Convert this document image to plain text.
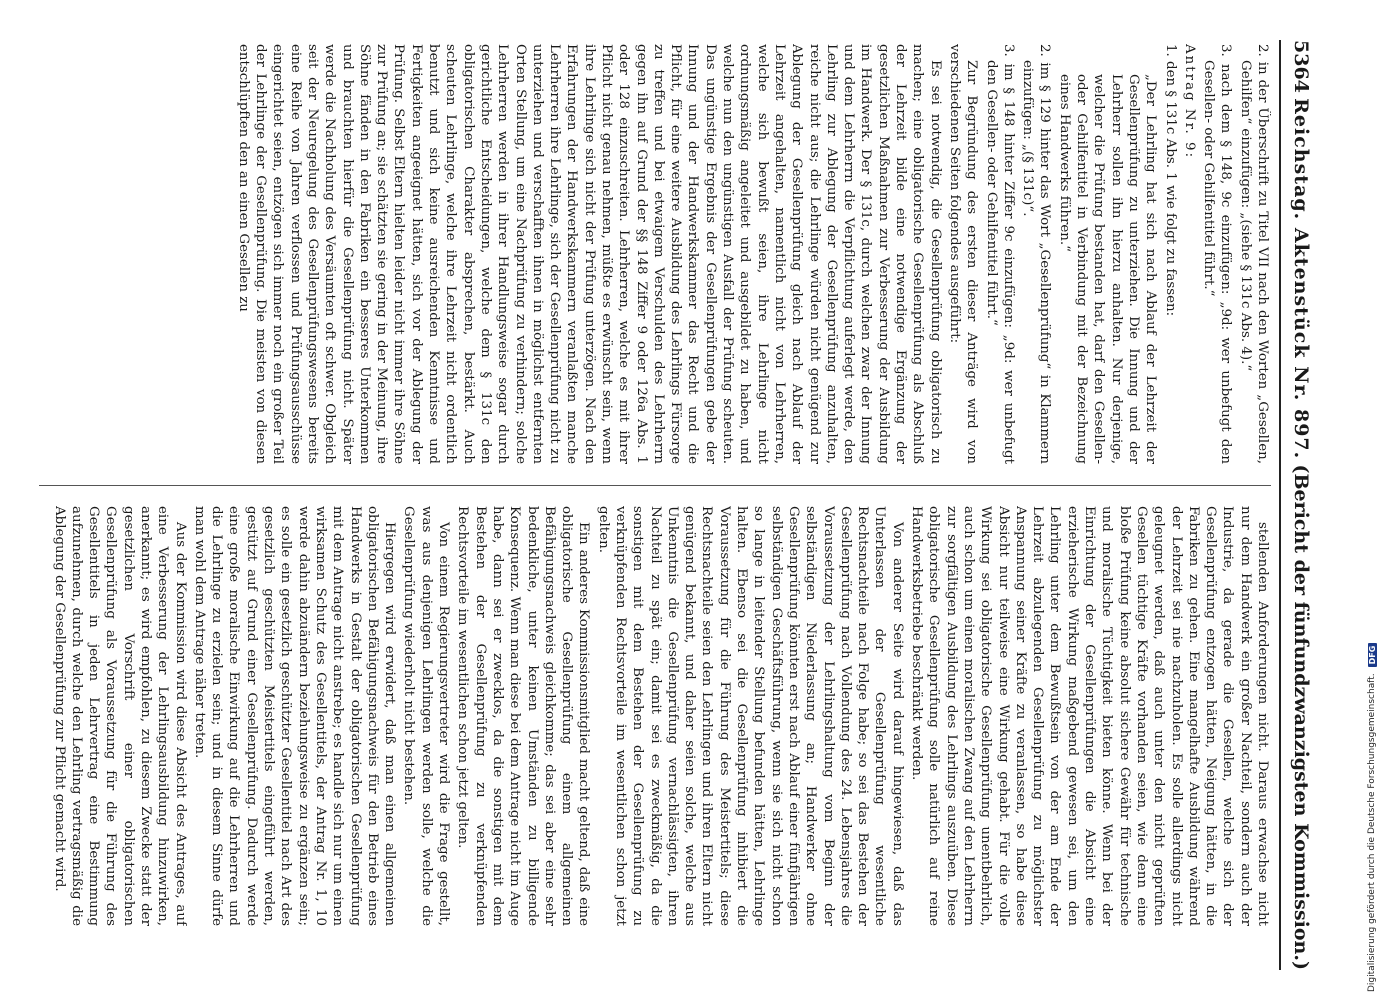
5364
Reichstag. Aktenstück Nr. 897.
(Bericht der fünfundzwanzigsten Kommission.)

2. in der Überschrift zu Titel VII nach den Worten „Gesellen, Gehilfen“ einzufügen: „(siehe § 131c Abs. 4).“

3. nach dem § 148, 9c einzufügen: „9d: wer unbefugt den Gesellen- oder Gehilfentitel führt.“

Antrag Nr. 9:

1. den § 131c Abs. 1 wie folgt zu fassen:

„Der Lehrling hat sich nach Ablauf der Lehrzeit der Gesellenprüfung zu unterziehen. Die Innung und der Lehrherr sollen ihn hierzu anhalten. Nur derjenige, welcher die Prüfung bestanden hat, darf den Gesellen- oder Gehilfentitel in Verbindung mit der Bezeichnung eines Handwerks führen.“

2. im § 129 hinter das Wort „Gesellenprüfung“ in Klammern einzufügen: „(§ 131c)“.

3. im § 148 hinter Ziffer 9c einzufügen: „9d: wer unbefugt den Gesellen- oder Gehilfentitel führt.“

Zur Begründung des ersten dieser Anträge wird von verschiedenen Seiten folgendes ausgeführt:

Es sei notwendig, die Gesellenprüfung obligatorisch zu machen; eine obligatorische Gesellenprüfung als Abschluß der Lehrzeit bilde eine notwendige Ergänzung der gesetzlichen Maßnahmen zur Verbesserung der Ausbildung im Handwerk. Der § 131c, durch welchen zwar der Innung und dem Lehrherrn die Verpflichtung auferlegt werde, den Lehrling zur Ablegung der Gesellenprüfung anzuhalten, reiche nicht aus; die Lehrlinge würden nicht genügend zur Ablegung der Gesellenprüfung gleich nach Ablauf der Lehrzeit angehalten, namentlich nicht von Lehrherren, welche sich bewußt seien, ihre Lehrlinge nicht ordnungsmäßig angeleitet und ausgebildet zu haben, und welche nun den ungünstigen Ausfall der Prüfung scheuten. Das ungünstige Ergebnis der Gesellenprüfungen gebe der Innung und der Handwerkskammer das Recht und die Pflicht, für eine weitere Ausbildung des Lehrlings Fürsorge zu treffen und bei etwaigem Verschulden des Lehrherrn gegen ihn auf Grund der §§ 148 Ziffer 9 oder 126a Abs. 1 oder 128 einzuschreiten. Lehrherren, welche es mit ihrer Pflicht nicht genau nehmen, müßte es erwünscht sein, wenn ihre Lehrlinge sich nicht der Prüfung unterzögen. Nach den Erfahrungen der Handwerkskammern veranlaßten manche Lehrherren ihre Lehrlinge, sich der Gesellenprüfung nicht zu unterziehen und verschafften ihnen in möglichst entfernten Orten Stellung, um eine Nachprüfung zu verhindern; solche Lehrherren werden in ihrer Handlungsweise sogar durch gerichtliche Entscheidungen, welche dem § 131c den obligatorischen Charakter absprechen, bestärkt. Auch scheuten Lehrlinge, welche ihre Lehrzeit nicht ordentlich benutzt und sich keine ausreichenden Kenntnisse und Fertigkeiten angeeignet hätten, sich vor der Ablegung der Prüfung. Selbst Eltern hielten leider nicht immer ihre Söhne zur Prüfung an; sie schätzten sie gering in der Meinung, ihre Söhne fänden in den Fabriken ein besseres Unterkommen und brauchten hierfür die Gesellenprüfung nicht. Später werde die Nachholung des Versäumten oft schwer. Obgleich seit der Neuregelung des Gesellenprüfungswesens bereits eine Reihe von Jahren verflossen und Prüfungsausschüsse eingerichtet seien, entzögen sich immer noch ein großer Teil der Lehrlinge der Gesellenprüfung. Die meisten von diesen entschlüpften den an einen Gesellen zu

stellenden Anforderungen nicht. Daraus erwachse nicht nur dem Handwerk ein großer Nachteil, sondern auch der Industrie, da gerade die Gesellen, welche sich der Gesellenprüfung entzogen hätten, Neigung hätten, in die Fabriken zu gehen. Eine mangelhafte Ausbildung während der Lehrzeit sei nie nachzuholen. Es solle allerdings nicht geleugnet werden, daß auch unter den nicht geprüften Gesellen tüchtige Kräfte vorhanden seien, wie denn eine bloße Prüfung keine absolut sichere Gewähr für technische und moralische Tüchtigkeit bieten könne. Wenn bei der Einrichtung der Gesellenprüfungen die Absicht eine erzieherische Wirkung maßgebend gewesen sei, um den Lehrling unter dem Bewußtsein von der am Ende der Lehrzeit abzulegenden Gesellenprüfung zu möglichster Anspannung seiner Kräfte zu veranlassen, so habe diese Absicht nur teilweise eine Wirkung gehabt. Für die volle Wirkung sei obligatorische Gesellenprüfung unentbehrlich, auch schon um einen moralischen Zwang auf den Lehrherrn zur sorgfältigen Ausbildung des Lehrlings auszuüben. Diese obligatorische Gesellenprüfung solle natürlich auf reine Handwerksbetriebe beschränkt werden.

Von anderer Seite wird darauf hingewiesen, daß das Unterlassen der Gesellenprüfung wesentliche Rechtsnachteile nach Folge habe; so sei das Bestehen der Gesellenprüfung nach Vollendung des 24. Lebensjahres die Voraussetzung der Lehrlingshaltung vom Beginn der selbständigen Niederlassung an; Handwerker ohne Gesellenprüfung könnten erst nach Ablauf einer fünfjährigen selbständigen Geschäftsführung, wenn sie sich nicht schon so lange in leitender Stellung befunden hätten, Lehrlinge halten. Ebenso sei die Gesellenprüfung inhibiert die Voraussetzung für die Führung des Meistertitels; diese Rechtsnachteile seien den Lehrlingen und ihren Eltern nicht genügend bekannt, und daher seien solche, welche aus Unkenntnis die Gesellenprüfung vernachlässigten, ihren Nachteil zu spät ein; damit sei es zweckmäßig, da die sonstigen mit dem Bestehen der Gesellenprüfung zu verknüpfenden Rechtsvorteile im wesentlichen schon jetzt gelten.

Ein anderes Kommissionsmitglied macht geltend, daß eine obligatorische Gesellenprüfung einem allgemeinen Befähigungsnachweis gleichkomme; das sei aber eine sehr bedenkliche, unter keinen Umständen zu billigende Konsequenz. Wenn man diese bei dem Antrage nicht im Auge habe, dann sei er zwecklos, da die sonstigen mit dem Bestehen der Gesellenprüfung zu verknüpfenden Rechtsvorteile im wesentlichen schon jetzt gelten.

Von einem Regierungsvertreter wird die Frage gestellt, was aus denjenigen Lehrlingen werden solle, welche die Gesellenprüfung wiederholt nicht bestehen.

Hiergegen wird erwidert, daß man einen allgemeinen obligatorischen Befähigungsnachweis für den Betrieb eines Handwerks in Gestalt der obligatorischen Gesellenprüfung mit dem Antrage nicht anstrebe; es handle sich nur um einen wirksamen Schutz des Gesellentitels, der Antrag Nr. 1, 10 werde dahin abzuändern beziehungsweise zu ergänzen sein; es solle ein gesetzlich geschützter Gesellentitel nach Art des gesetzlich geschützten Meistertitels eingeführt werden, gestützt auf Grund einer Gesellenprüfung. Dadurch werde eine große moralische Einwirkung auf die Lehrherren und die Lehrlinge zu erzielen sein; und in diesem Sinne dürfe man wohl dem Antrage näher treten.

Aus der Kommission wird diese Absicht des Antrages, auf eine Verbesserung der Lehrlingsausbildung hinzuwirken, anerkannt; es wird empfohlen, zu diesem Zwecke statt der gesetzlichen Vorschrift einer obligatorischen Gesellenprüfung als Voraussetzung für die Führung des Gesellentitels in jeden Lehrvertrag eine Bestimmung aufzunehmen, durch welche den Lehrling vertragsmäßig die Ablegung der Gesellenprüfung zur Pflicht gemacht wird.	Digitalisierung gefördert durch die Deutsche Forschungsgemeinschaft.
DFG
